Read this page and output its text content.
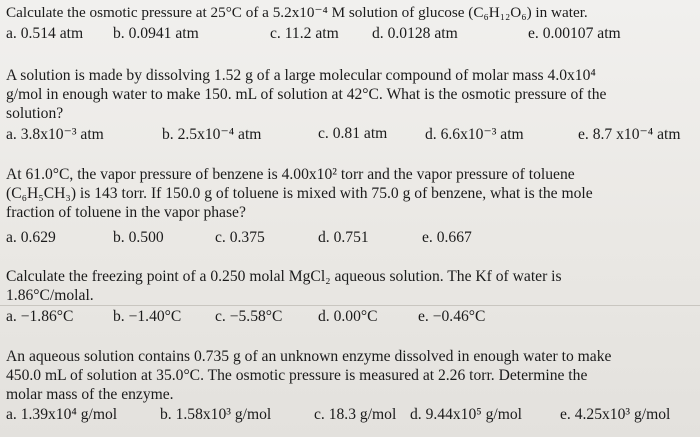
Calculate the osmotic pressure at 25°C of a 5.2x10⁻⁴ M solution of glucose (C₆H₁₂O₆) in water.
a. 0.514 atm b. 0.0941 atm	c. 11.2 atm d. 0.0128 atm	e. 0.00107 atm
A solution is made by dissolving 1.52 g of a large molecular compound of molar mass 4.0x10⁴
g/mol in enough water to make 150. mL of solution at 42°C. What is the osmotic pressure of the
solution?
a. 3.8x10⁻³ atm	b. 2.5x10⁻⁴ atm	c. 0.81 atm d. 6.6x10⁻³ atm	e. 8.7 x10⁻⁴ atm
At 61.0°C, the vapor pressure of benzene is 4.00x10² torr and the vapor pressure of toluene
(C₆H₅CH₃) is 143 torr. If 150.0 g of toluene is mixed with 75.0 g of benzene, what is the mole
fraction of toluene in the vapor phase?
a. 0.629	b. 0.500	c. 0.375	d. 0.751	e. 0.667
Calculate the freezing point of a 0.250 molal MgCl₂ aqueous solution. The Kf of water is
1.86°C/molal.
a. −1.86°C	b. −1.40°C c. −5.58°C d. 0.00°C	e. −0.46°C
An aqueous solution contains 0.735 g of an unknown enzyme dissolved in enough water to make
450.0 mL of solution at 35.0°C. The osmotic pressure is measured at 2.26 torr. Determine the
molar mass of the enzyme.
a. 1.39x10⁴ g/mol	b. 1.58x10³ g/mol	c. 18.3 g/mol d. 9.44x10⁵ g/mol e. 4.25x10³ g/mol
